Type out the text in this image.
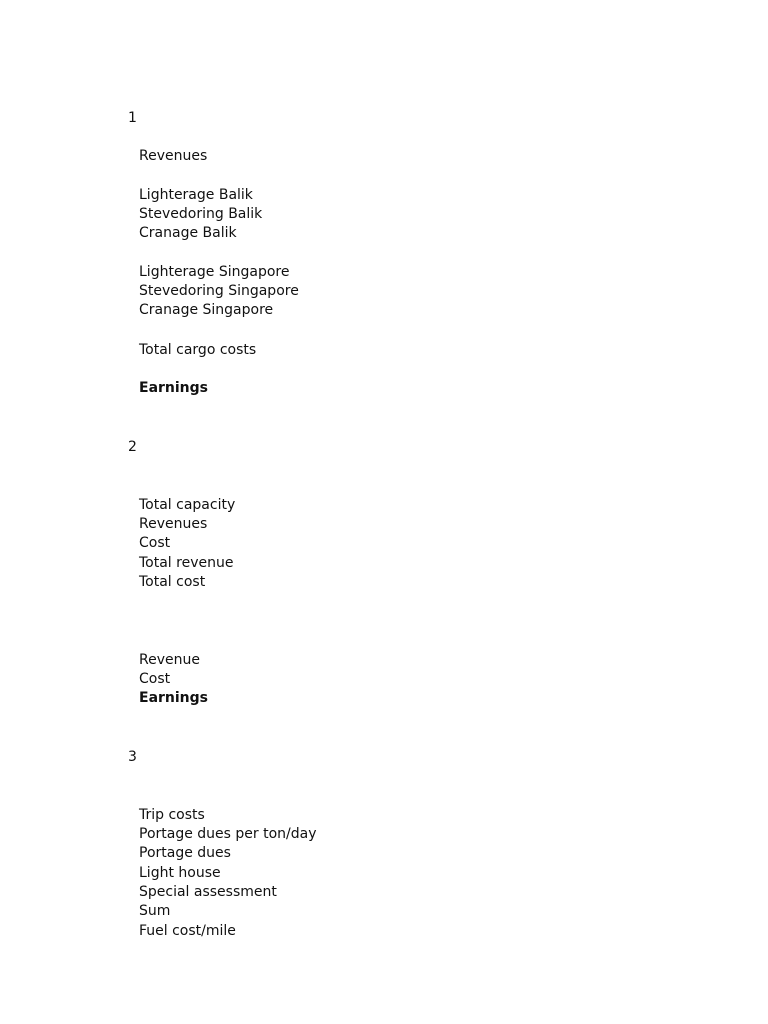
1
Revenues
Lighterage Balik
Stevedoring Balik
Cranage Balik
Lighterage Singapore
Stevedoring Singapore
Cranage Singapore
Total cargo costs
Earnings
2
Total capacity
Revenues
Cost
Total revenue
Total cost
Revenue
Cost
Earnings
3
Trip costs
Portage dues per ton/day
Portage dues
Light house
Special assessment
Sum
Fuel cost/mile
